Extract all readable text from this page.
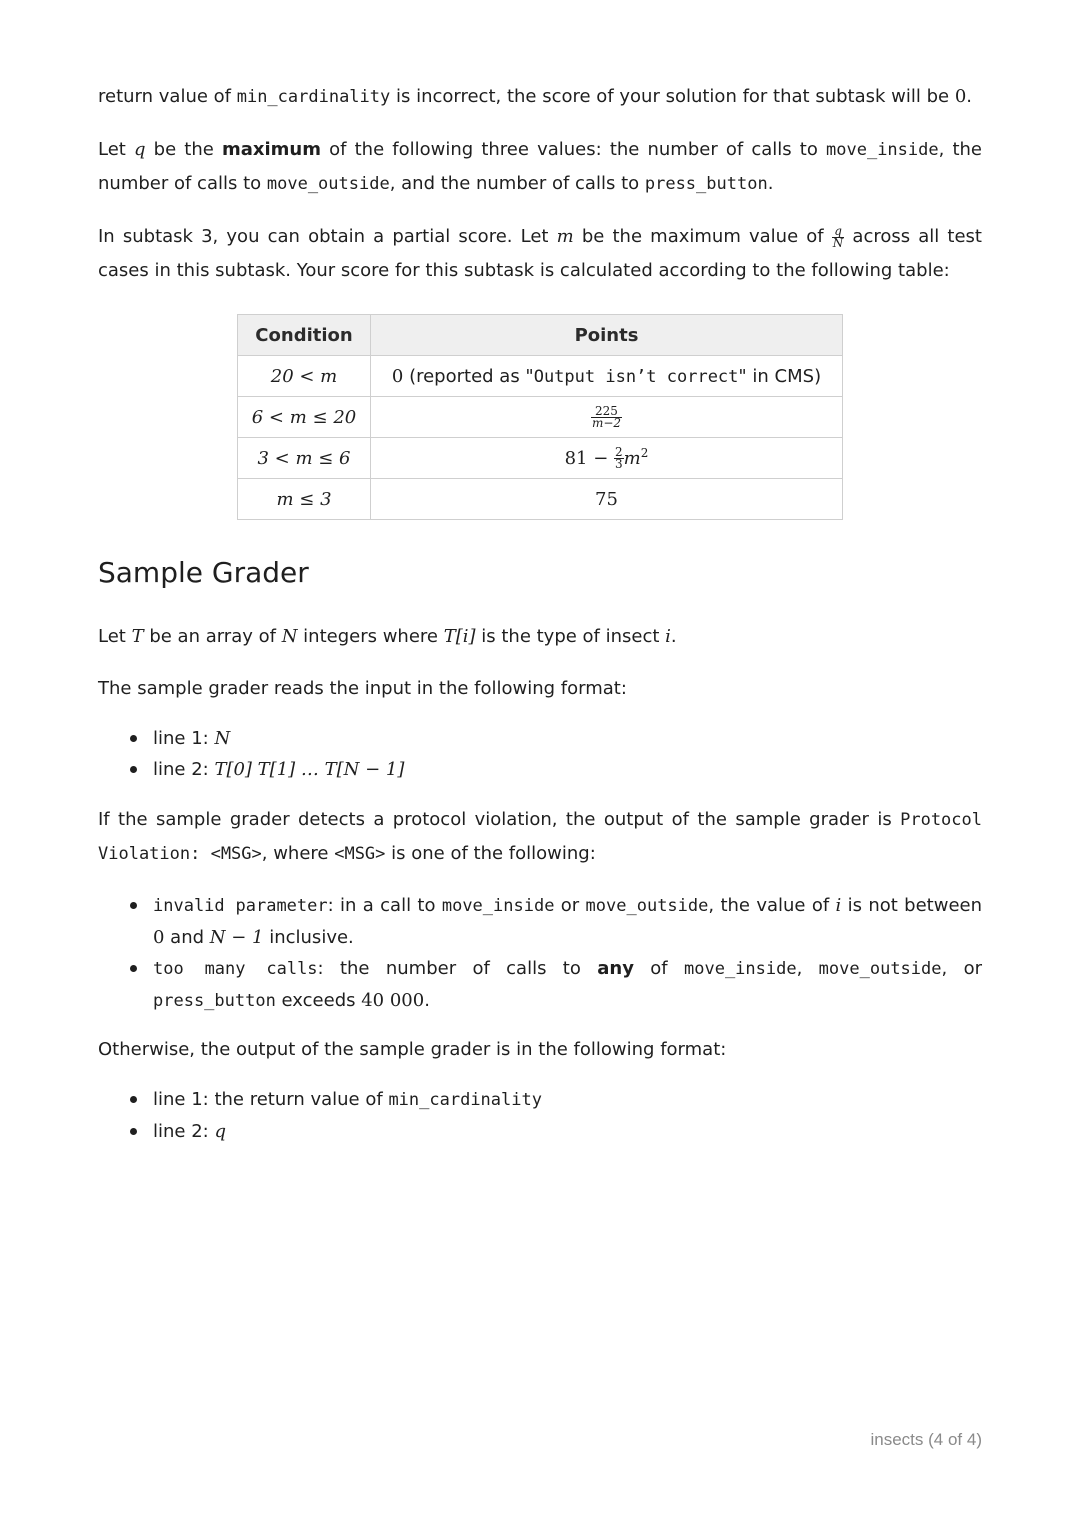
return value of min_cardinality is incorrect, the score of your solution for that subtask will be 0.

Let q be the maximum of the following three values: the number of calls to move_inside, the number of calls to move_outside, and the number of calls to press_button.

In subtask 3, you can obtain a partial score. Let m be the maximum value of $\frac{q}{N}$ across all test cases in this subtask. Your score for this subtask is calculated according to the following table:

Condition	Points
20 < m	0 (reported as "Output isn’t correct" in CMS)
6 < m ≤ 20	$\frac{225}{m-2}$

3 < m ≤ 6	$81 - \frac{2}{3} m^2$
m ≤ 3	75
Sample Grader

Let T be an array of N integers where T[i] is the type of insect i.

The sample grader reads the input in the following format:

line 1: N
line 2: T[0] T[1] … T[N − 1]

If the sample grader detects a protocol violation, the output of the sample grader is Protocol Violation: <MSG>, where <MSG> is one of the following:

invalid parameter: in a call to move_inside or move_outside, the value of i is not between 0 and N − 1 inclusive.
too many calls: the number of calls to any of move_inside, move_outside, or press_button exceeds 40 000.

Otherwise, the output of the sample grader is in the following format:

line 1: the return value of min_cardinality
line 2: q
insects (4 of 4)
